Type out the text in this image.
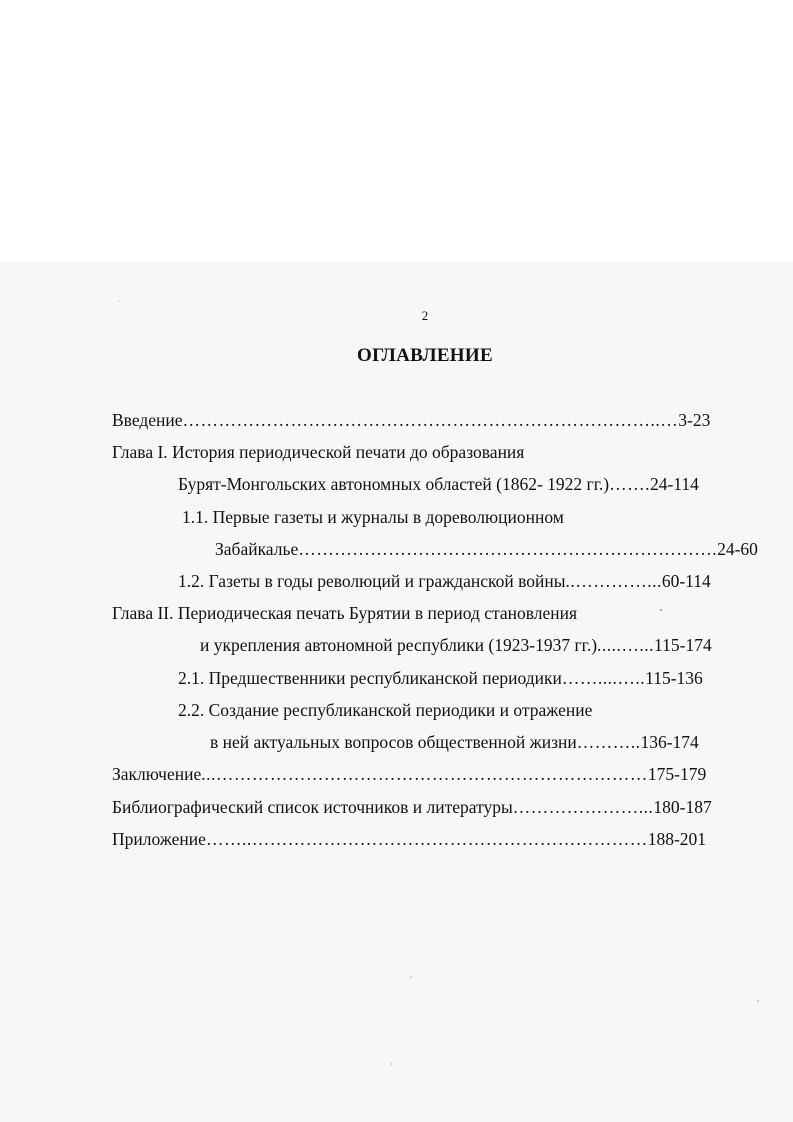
2
ОГЛАВЛЕНИЕ
Введение……………………………………………………………………..…3-23
Глава I. История периодической печати до образования
Бурят-Монгольских автономных областей (1862- 1922 гг.)…….24-114
1.1. Первые газеты и журналы в дореволюционном
Забайкалье…………………………………………………………….24-60
1.2. Газеты в годы революций и гражданской войны..…………...60-114
Глава II. Периодическая печать Бурятии в период становления
и укрепления автономной республики (1923-1937 гг.).....…...115-174
2.1. Предшественники республиканской периодики……....…..115-136
2.2. Создание республиканской периодики и отражение
в ней актуальных вопросов общественной жизни………..136-174
Заключение...………………………………………………………………175-179
Библиографический список источников и литературы…………………...180-187
Приложение……..…………………………………………………………188-201
